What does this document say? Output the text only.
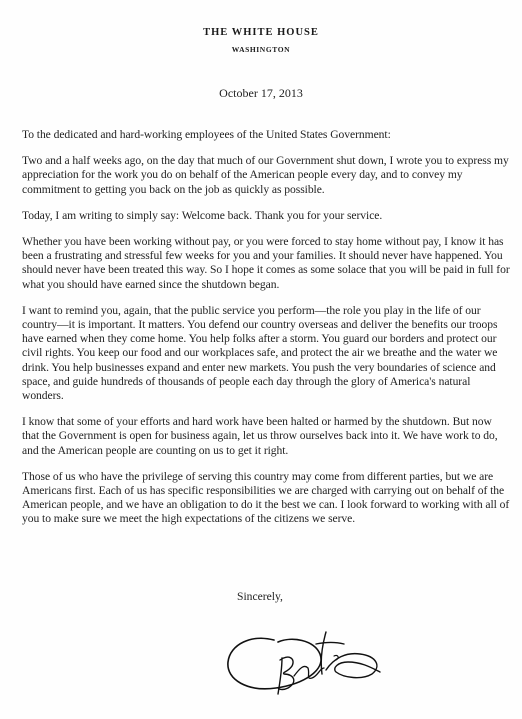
THE WHITE HOUSE
WASHINGTON
October 17, 2013

To the dedicated and hard-working employees of the United States Government:

Two and a half weeks ago, on the day that much of our Government shut down, I wrote you to express my appreciation for the work you do on behalf of the American people every day, and to convey my commitment to getting you back on the job as quickly as possible.

Today, I am writing to simply say: Welcome back. Thank you for your service.

Whether you have been working without pay, or you were forced to stay home without pay, I know it has been a frustrating and stressful few weeks for you and your families. It should never have happened. You should never have been treated this way. So I hope it comes as some solace that you will be paid in full for what you should have earned since the shutdown began.

I want to remind you, again, that the public service you perform—the role you play in the life of our country—it is important. It matters. You defend our country overseas and deliver the benefits our troops have earned when they come home. You help folks after a storm. You guard our borders and protect our civil rights. You keep our food and our workplaces safe, and protect the air we breathe and the water we drink. You help businesses expand and enter new markets. You push the very boundaries of science and space, and guide hundreds of thousands of people each day through the glory of America's natural wonders.

I know that some of your efforts and hard work have been halted or harmed by the shutdown. But now that the Government is open for business again, let us throw ourselves back into it. We have work to do, and the American people are counting on us to get it right.

Those of us who have the privilege of serving this country may come from different parties, but we are Americans first. Each of us has specific responsibilities we are charged with carrying out on behalf of the American people, and we have an obligation to do it the best we can. I look forward to working with all of you to make sure we meet the high expectations of the citizens we serve.

Sincerely,
